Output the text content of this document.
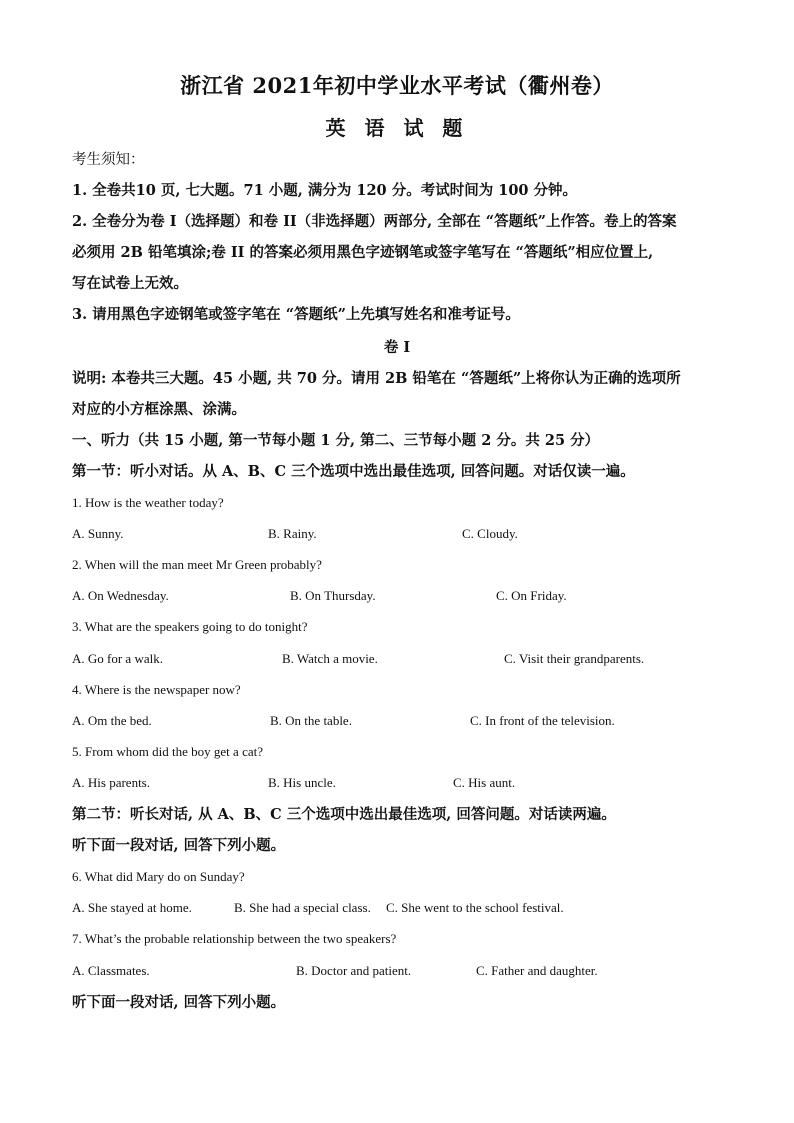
浙江省 2021年初中学业水平考试（衢州卷）
英 语 试 题
考生须知：
1. 全卷共10 页, 七大题。71 小题, 满分为 120 分。考试时间为 100 分钟。
2. 全卷分为卷 I（选择题）和卷 II（非选择题）两部分, 全部在 “答题纸”上作答。卷上的答案
必须用 2B 铅笔填涂;卷 II 的答案必须用黑色字迹钢笔或签字笔写在 “答题纸”相应位置上,
写在试卷上无效。
3. 请用黑色字迹钢笔或签字笔在 “答题纸”上先填写姓名和准考证号。
卷 I
说明: 本卷共三大题。45 小题, 共 70 分。请用 2B 铅笔在 “答题纸”上将你认为正确的选项所
对应的小方框涂黑、涂满。
一、听力（共 15 小题, 第一节每小题 1 分, 第二、三节每小题 2 分。共 25 分）
第一节：听小对话。从 A、B、C 三个选项中选出最佳选项, 回答问题。对话仅读一遍。
1. How is the weather today?
A. Sunny.	B. Rainy.	C. Cloudy.
2. When will the man meet Mr Green probably?
A. On Wednesday.	B. On Thursday.	C. On Friday.
3. What are the speakers going to do tonight?
A. Go for a walk.	B. Watch a movie.	C. Visit their grandparents.
4. Where is the newspaper now?
A. Om the bed.	B. On the table.	C. In front of the television.
5. From whom did the boy get a cat?
A. His parents.	B. His uncle.	C. His aunt.
第二节：听长对话, 从 A、B、C 三个选项中选出最佳选项, 回答问题。对话读两遍。
听下面一段对话, 回答下列小题。
6. What did Mary do on Sunday?
A. She stayed at home.	B. She had a special class. C. She went to the school festival.
7. What’s the probable relationship between the two speakers?
A. Classmates.	B. Doctor and patient.	C. Father and daughter.
听下面一段对话, 回答下列小题。
